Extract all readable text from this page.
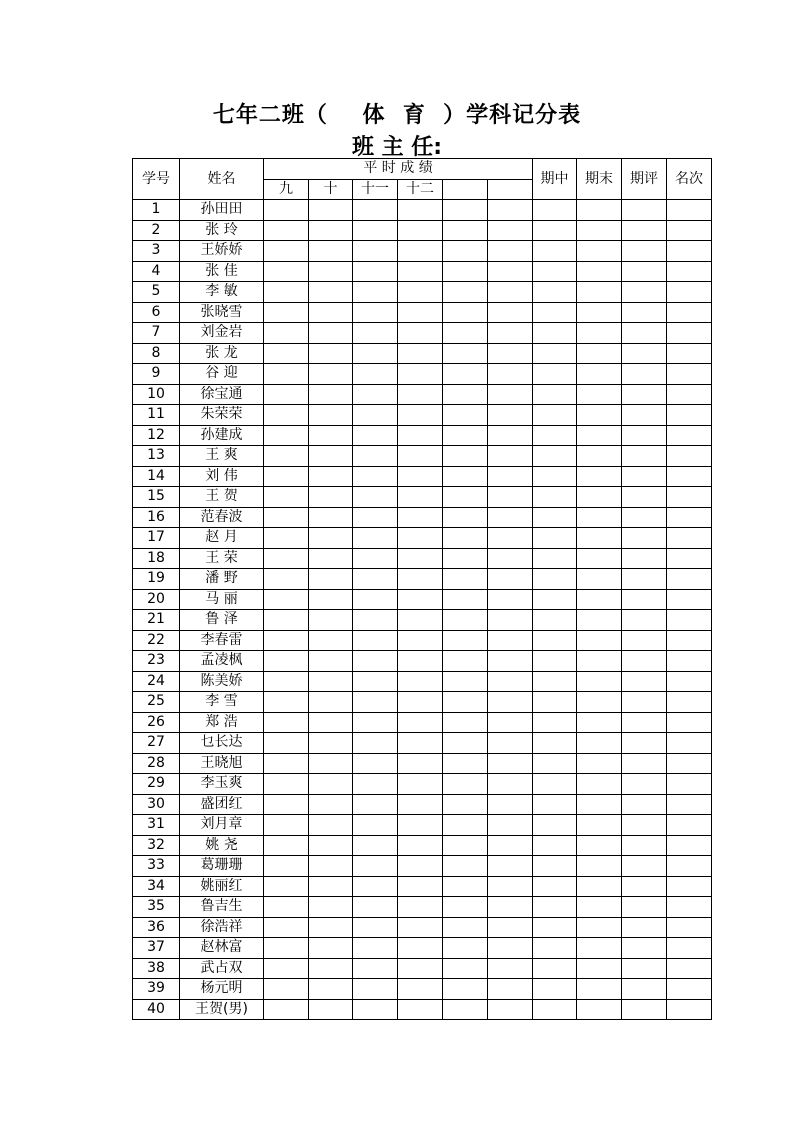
七年二班（    体  育  ）学科记分表
班 主 任:
学号	姓名	平 时 成 绩						期中	期末	期评	名次
		九	十	十一	十二						
1	孙田田										
2	张 玲										
3	王娇娇										
4	张 佳										
5	李 敏										
6	张晓雪										
7	刘金岩										
8	张 龙										
9	谷 迎										
10	徐宝通										
11	朱荣荣										
12	孙建成										
13	王 爽										
14	刘 伟										
15	王 贺										
16	范春波										
17	赵 月										
18	王 荣										
19	潘 野										
20	马 丽										
21	鲁 泽										
22	李春雷										
23	孟凌枫										
24	陈美娇										
25	李 雪										
26	郑 浩										
27	乜长达										
28	王晓旭										
29	李玉爽										
30	盛团红										
31	刘月章										
32	姚 尧										
33	葛珊珊										
34	姚丽红										
35	鲁吉生										
36	徐浩祥										
37	赵林富										
38	武占双										
39	杨元明										
40	王贺(男)										
